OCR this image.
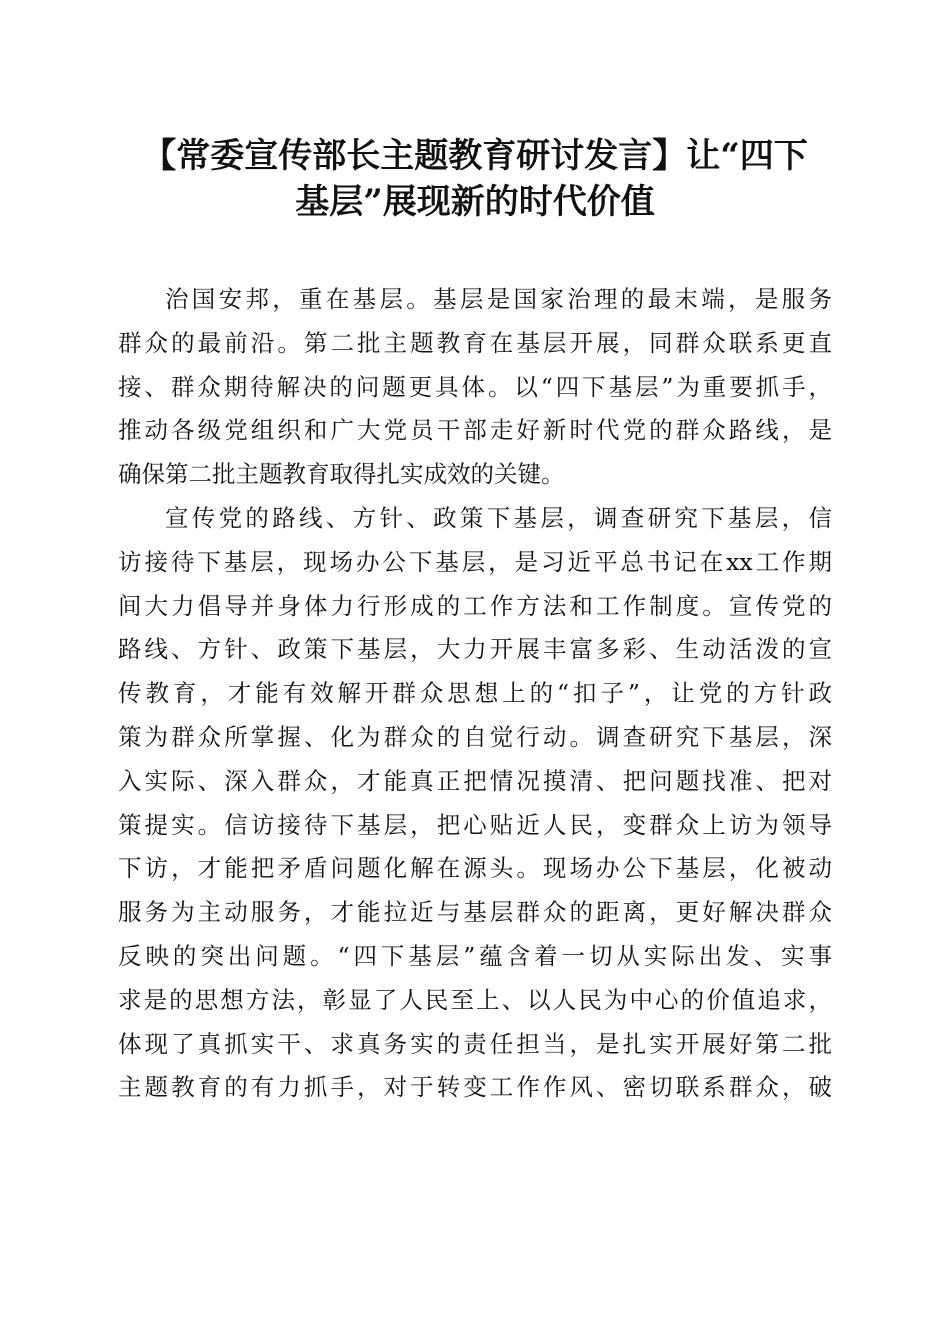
【常委宣传部长主题教育研讨发言】让“四下
基层”展现新的时代价值
治国安邦，重在基层。基层是国家治理的最末端，是服务
群众的最前沿。第二批主题教育在基层开展，同群众联系更直
接、群众期待解决的问题更具体。以“四下基层”为重要抓手，
推动各级党组织和广大党员干部走好新时代党的群众路线，是
确保第二批主题教育取得扎实成效的关键。
宣传党的路线、方针、政策下基层，调查研究下基层，信
访接待下基层，现场办公下基层，是习近平总书记在xx工作期
间大力倡导并身体力行形成的工作方法和工作制度。宣传党的
路线、方针、政策下基层，大力开展丰富多彩、生动活泼的宣
传教育，才能有效解开群众思想上的“扣子”，让党的方针政
策为群众所掌握、化为群众的自觉行动。调查研究下基层，深
入实际、深入群众，才能真正把情况摸清、把问题找准、把对
策提实。信访接待下基层，把心贴近人民，变群众上访为领导
下访，才能把矛盾问题化解在源头。现场办公下基层，化被动
服务为主动服务，才能拉近与基层群众的距离，更好解决群众
反映的突出问题。“四下基层”蕴含着一切从实际出发、实事
求是的思想方法，彰显了人民至上、以人民为中心的价值追求，
体现了真抓实干、求真务实的责任担当，是扎实开展好第二批
主题教育的有力抓手，对于转变工作作风、密切联系群众，破
